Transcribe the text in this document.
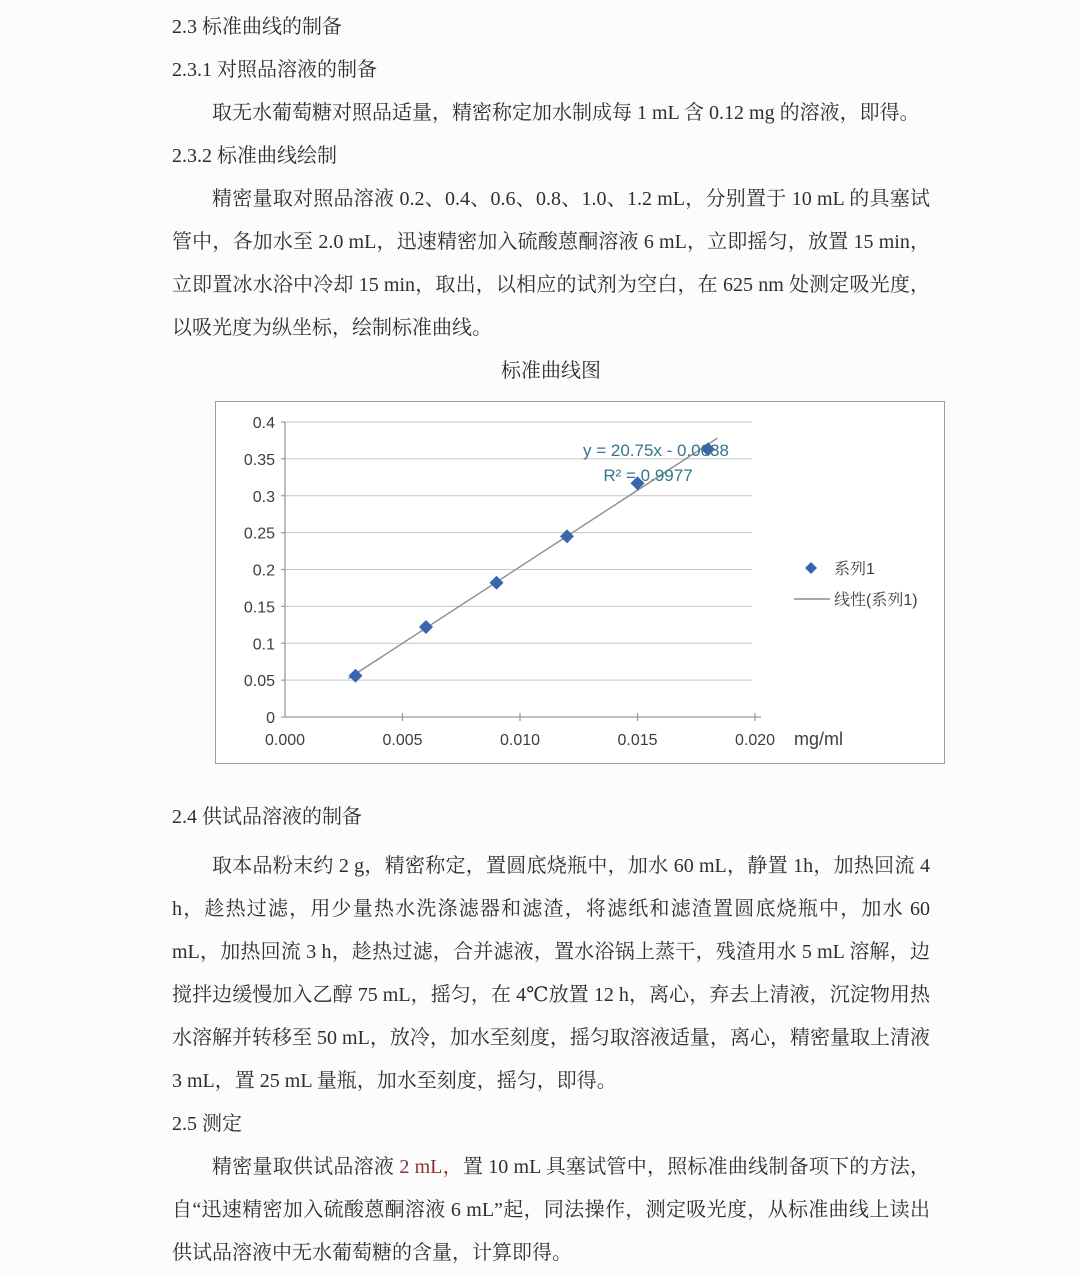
2.3 标准曲线的制备

2.3.1 对照品溶液的制备

取无水葡萄糖对照品适量，精密称定加水制成每 1 mL 含 0.12 mg 的溶液，即得。

2.3.2 标准曲线绘制

精密量取对照品溶液 0.2、0.4、0.6、0.8、1.0、1.2 mL，分别置于 10 mL 的具塞试管中，各加水至 2.0 mL，迅速精密加入硫酸蒽酮溶液 6 mL，立即摇匀，放置 15 min，立即置冰水浴中冷却 15 min，取出，以相应的试剂为空白，在 625 nm 处测定吸光度，以吸光度为纵坐标，绘制标准曲线。

标准曲线图

0.000	0.005	0.010	0.015	0.020
0
0.05
0.1
0.15
0.2
0.25
0.3
0.35
0.4
mg/ml
y = 20.75x - 0.0038
R² = 0.9977
系列1
线性(系列1)

2.4 供试品溶液的制备

取本品粉末约 2 g，精密称定，置圆底烧瓶中，加水 60 mL，静置 1h，加热回流 4 h，趁热过滤，用少量热水洗涤滤器和滤渣，将滤纸和滤渣置圆底烧瓶中，加水 60 mL，加热回流 3 h，趁热过滤，合并滤液，置水浴锅上蒸干，残渣用水 5 mL 溶解，边搅拌边缓慢加入乙醇 75 mL，摇匀，在 4℃放置 12 h，离心，弃去上清液，沉淀物用热水溶解并转移至 50 mL，放冷，加水至刻度，摇匀取溶液适量，离心，精密量取上清液 3 mL，置 25 mL 量瓶，加水至刻度，摇匀，即得。

2.5 测定

精密量取供试品溶液 2 mL，置 10 mL 具塞试管中，照标准曲线制备项下的方法，自“迅速精密加入硫酸蒽酮溶液 6 mL”起，同法操作，测定吸光度，从标准曲线上读出供试品溶液中无水葡萄糖的含量，计算即得。
